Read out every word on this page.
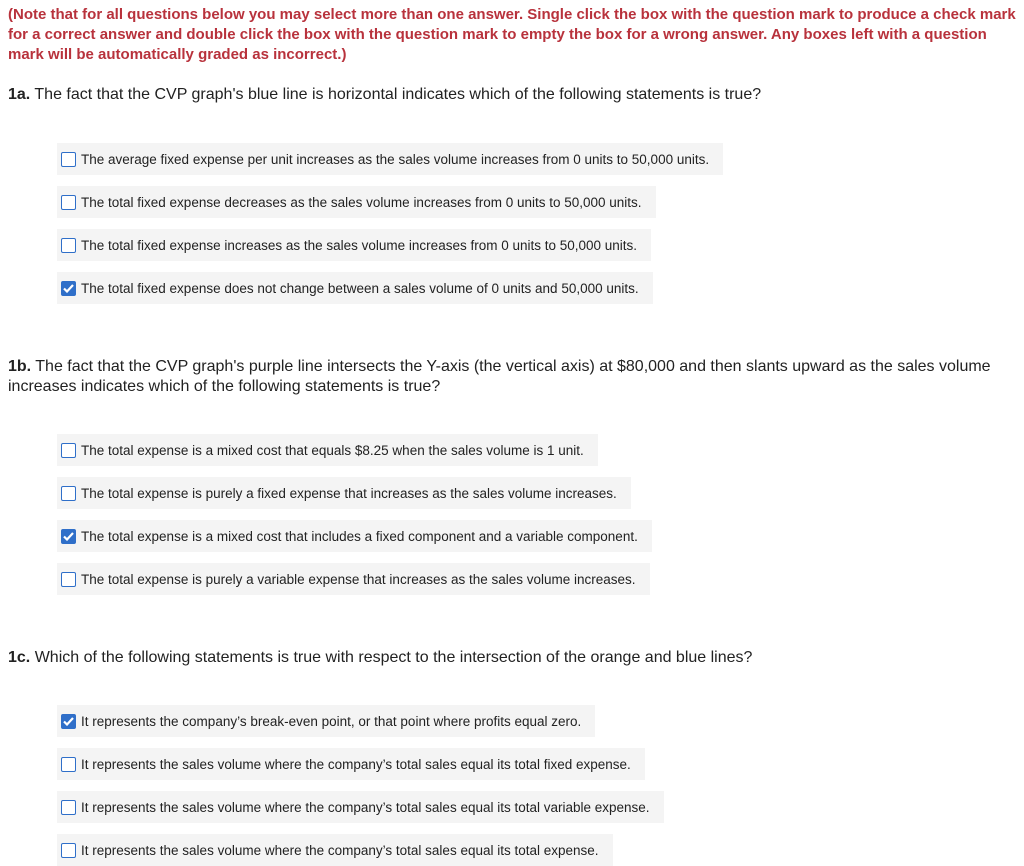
(Note that for all questions below you may select more than one answer. Single click the box with the question mark to produce a check mark for a correct answer and double click the box with the question mark to empty the box for a wrong answer. Any boxes left with a question mark will be automatically graded as incorrect.)
1a. The fact that the CVP graph's blue line is horizontal indicates which of the following statements is true?
The average fixed expense per unit increases as the sales volume increases from 0 units to 50,000 units.
The total fixed expense decreases as the sales volume increases from 0 units to 50,000 units.
The total fixed expense increases as the sales volume increases from 0 units to 50,000 units.
The total fixed expense does not change between a sales volume of 0 units and 50,000 units.
1b. The fact that the CVP graph's purple line intersects the Y-axis (the vertical axis) at $80,000 and then slants upward as the sales volume increases indicates which of the following statements is true?
The total expense is a mixed cost that equals $8.25 when the sales volume is 1 unit.
The total expense is purely a fixed expense that increases as the sales volume increases.
The total expense is a mixed cost that includes a fixed component and a variable component.
The total expense is purely a variable expense that increases as the sales volume increases.
1c. Which of the following statements is true with respect to the intersection of the orange and blue lines?
It represents the company’s break-even point, or that point where profits equal zero.
It represents the sales volume where the company’s total sales equal its total fixed expense.
It represents the sales volume where the company’s total sales equal its total variable expense.
It represents the sales volume where the company’s total sales equal its total expense.
